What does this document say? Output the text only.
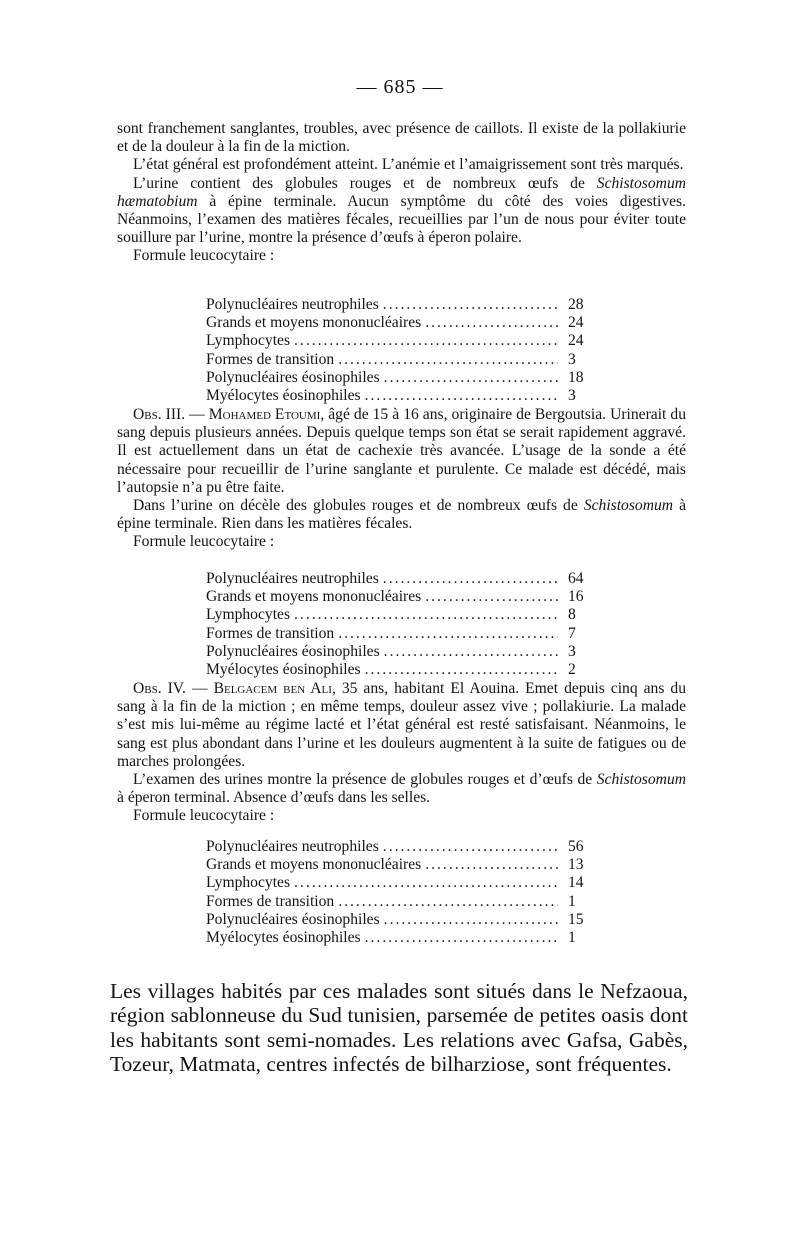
— 685 —

sont franchement sanglantes, troubles, avec présence de caillots. Il existe de la pollakiurie et de la douleur à la fin de la miction.

L’état général est profondément atteint. L’anémie et l’amaigrissement sont très marqués.

L’urine contient des globules rouges et de nombreux œufs de Schistosomum hæmatobium à épine terminale. Aucun symptôme du côté des voies digestives. Néanmoins, l’examen des matières fécales, recueillies par l’un de nous pour éviter toute souillure par l’urine, montre la présence d’œufs à éperon polaire.

Formule leucocytaire :

Polynucléaires neutrophiles .....	28
Grands et moyens mononucléaires .....	24
Lymphocytes .....	24
Formes de transition .....	3
Polynucléaires éosinophiles .....	18
Myélocytes éosinophiles .....	3

Obs. III. — Mohamed Etoumi, âgé de 15 à 16 ans, originaire de Bergoutsia. Urinerait du sang depuis plusieurs années. Depuis quelque temps son état se serait rapidement aggravé. Il est actuellement dans un état de cachexie très avancée. L’usage de la sonde a été nécessaire pour recueillir de l’urine sanglante et purulente. Ce malade est décédé, mais l’autopsie n’a pu être faite.

Dans l’urine on décèle des globules rouges et de nombreux œufs de Schistosomum à épine terminale. Rien dans les matières fécales.

Formule leucocytaire :

Polynucléaires neutrophiles .....	64
Grands et moyens mononucléaires .....	16
Lymphocytes .....	8
Formes de transition .....	7
Polynucléaires éosinophiles .....	3
Myélocytes éosinophiles .....	2

Obs. IV. — Belgacem ben Ali, 35 ans, habitant El Aouina. Emet depuis cinq ans du sang à la fin de la miction ; en même temps, douleur assez vive ; pollakiurie. La malade s’est mis lui-même au régime lacté et l’état général est resté satisfaisant. Néanmoins, le sang est plus abondant dans l’urine et les douleurs augmentent à la suite de fatigues ou de marches prolongées.

L’examen des urines montre la présence de globules rouges et d’œufs de Schistosomum à éperon terminal. Absence d’œufs dans les selles.

Formule leucocytaire :

Polynucléaires neutrophiles .....	56
Grands et moyens mononucléaires .....	13
Lymphocytes .....	14
Formes de transition .....	1
Polynucléaires éosinophiles .....	15
Myélocytes éosinophiles .....	1

Les villages habités par ces malades sont situés dans le Nefzaoua, région sablonneuse du Sud tunisien, parsemée de petites oasis dont les habitants sont semi-nomades. Les relations avec Gafsa, Gabès, Tozeur, Matmata, centres infectés de bilharziose, sont fréquentes.
